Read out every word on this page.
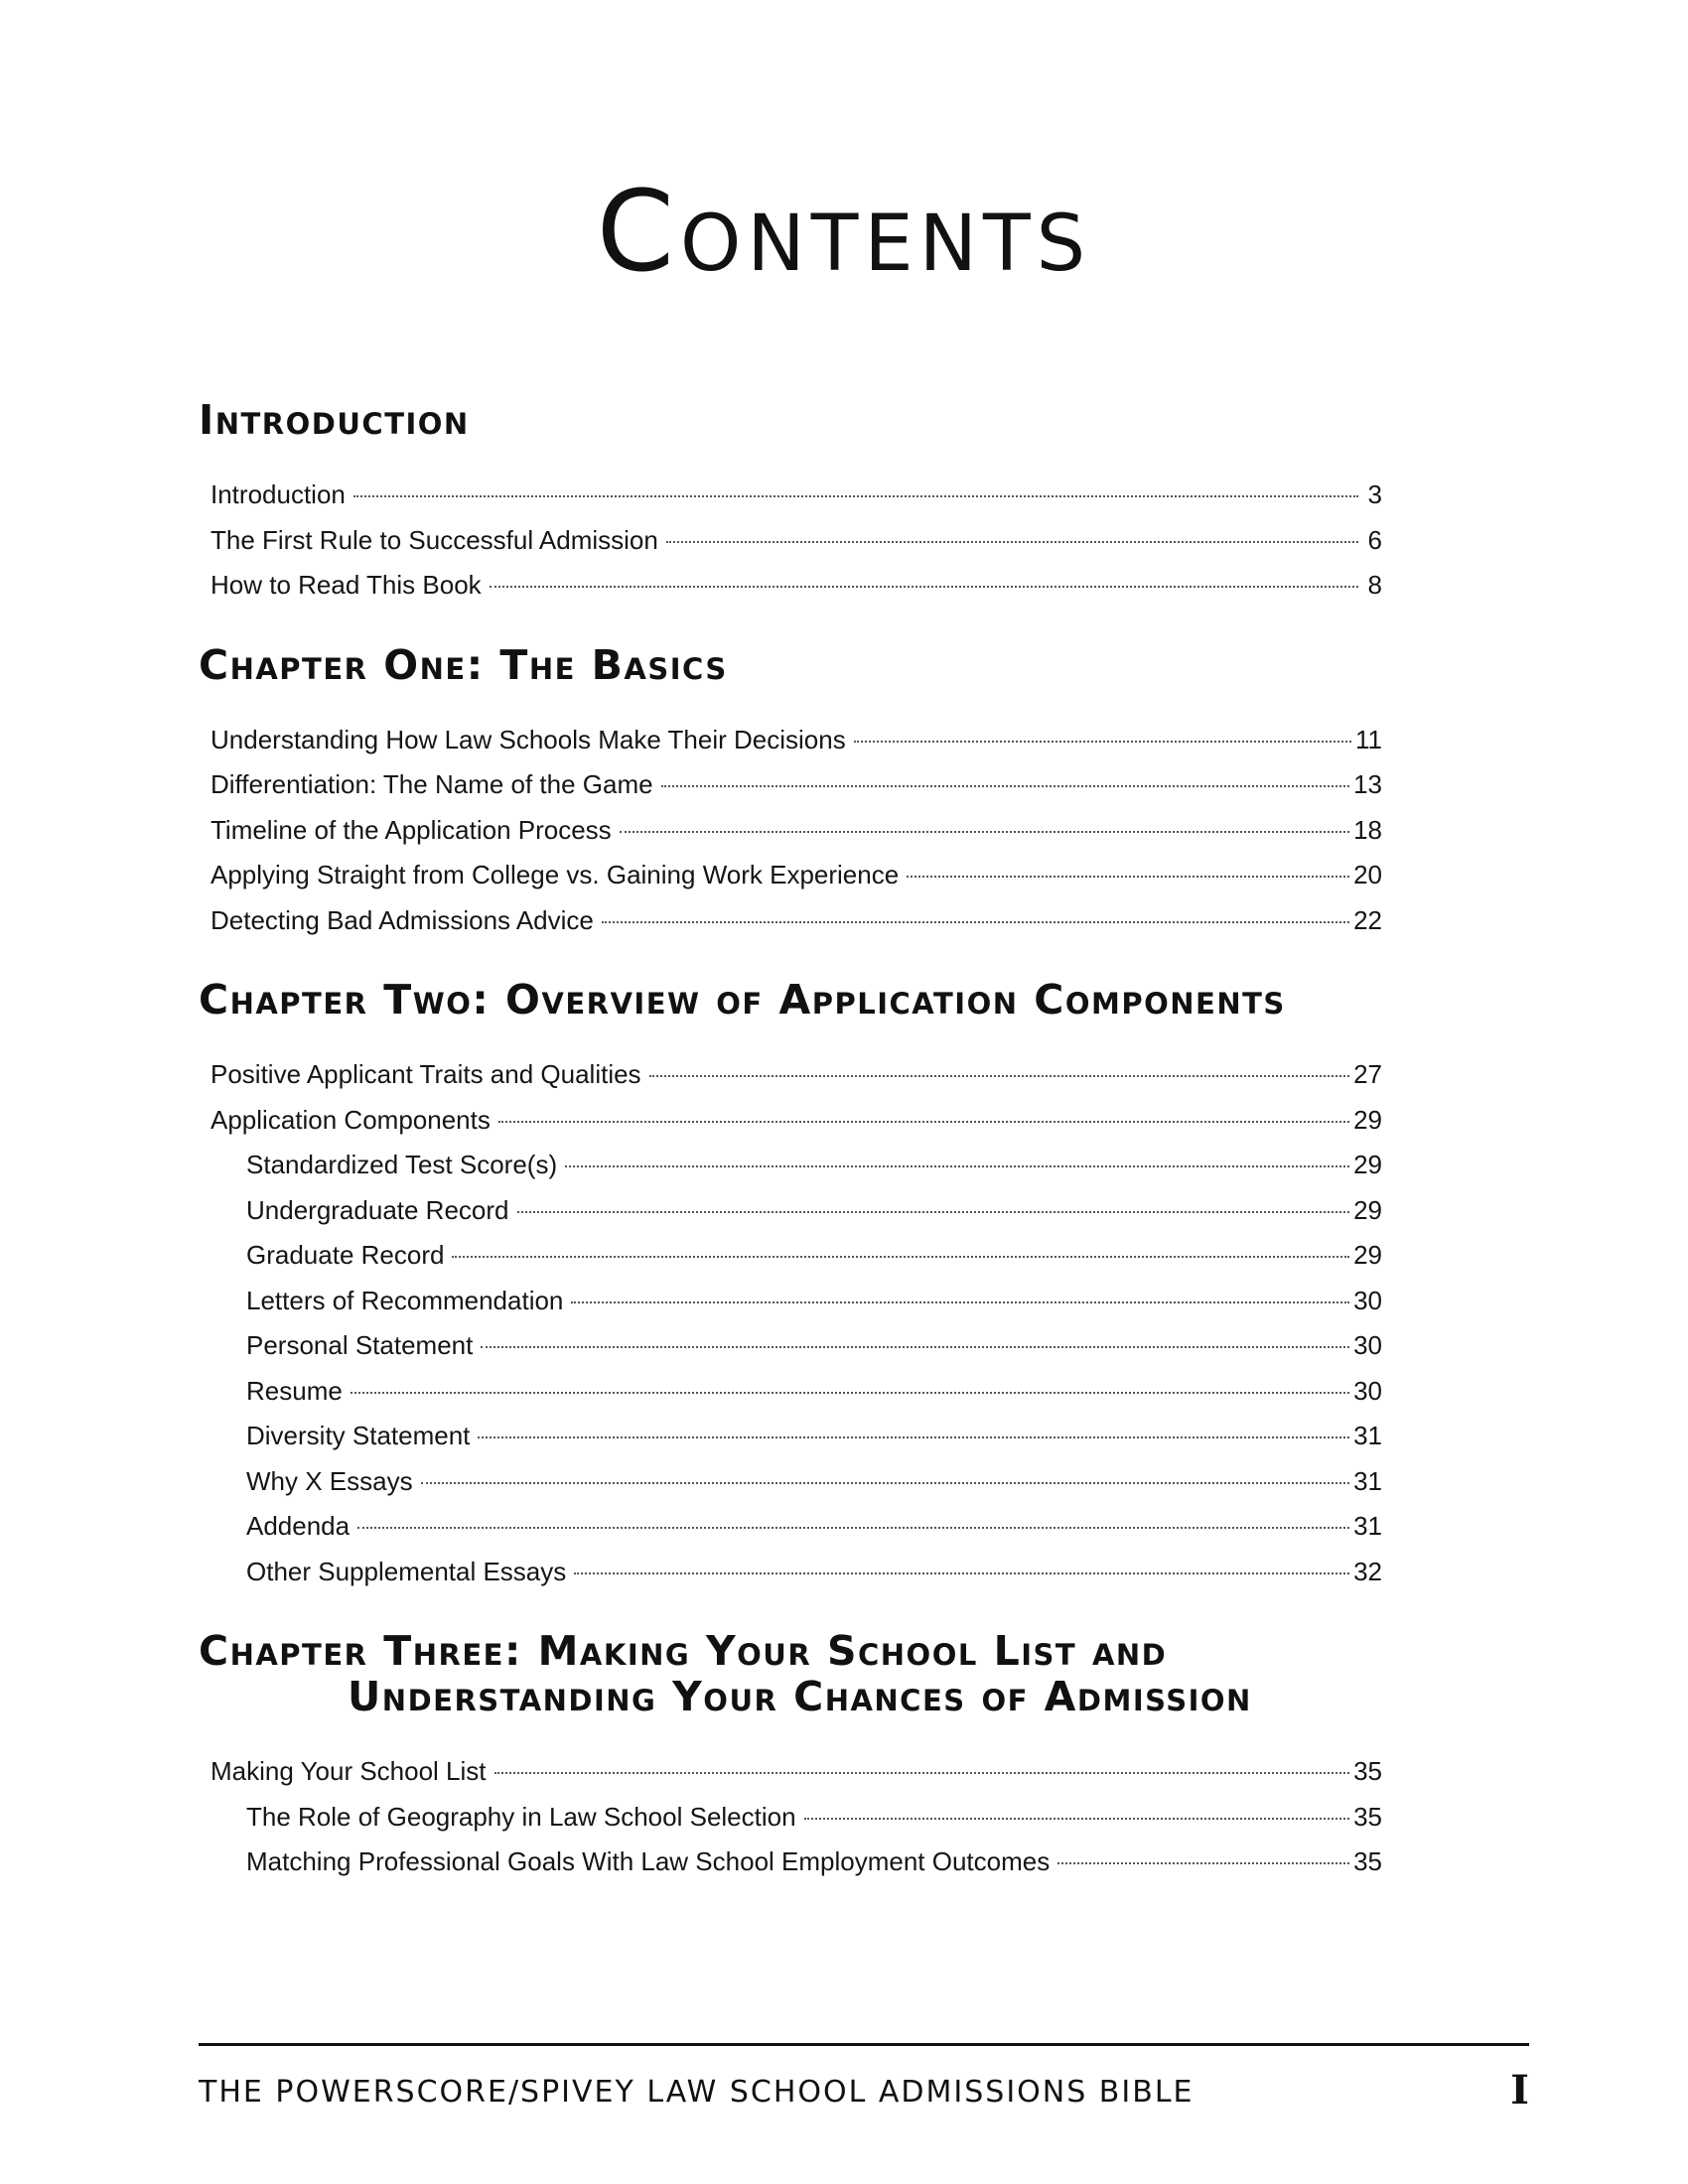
Contents
Introduction
Introduction	3
The First Rule to Successful Admission	6
How to Read This Book	8
Chapter One: The Basics
Understanding How Law Schools Make Their Decisions	11
Differentiation: The Name of the Game	13
Timeline of the Application Process	18
Applying Straight from College vs. Gaining Work Experience	20
Detecting Bad Admissions Advice	22
Chapter Two: Overview of Application Components
Positive Applicant Traits and Qualities	27
Application Components	29
Standardized Test Score(s)	29
Undergraduate Record	29
Graduate Record	29
Letters of Recommendation	30
Personal Statement	30
Resume	30
Diversity Statement	31
Why X Essays	31
Addenda	31
Other Supplemental Essays	32
Chapter Three: Making Your School List and
Understanding Your Chances of Admission
Making Your School List	35
The Role of Geography in Law School Selection	35
Matching Professional Goals With Law School Employment Outcomes	35
THE POWERSCORE/SPIVEY LAW SCHOOL ADMISSIONS BIBLE	I
